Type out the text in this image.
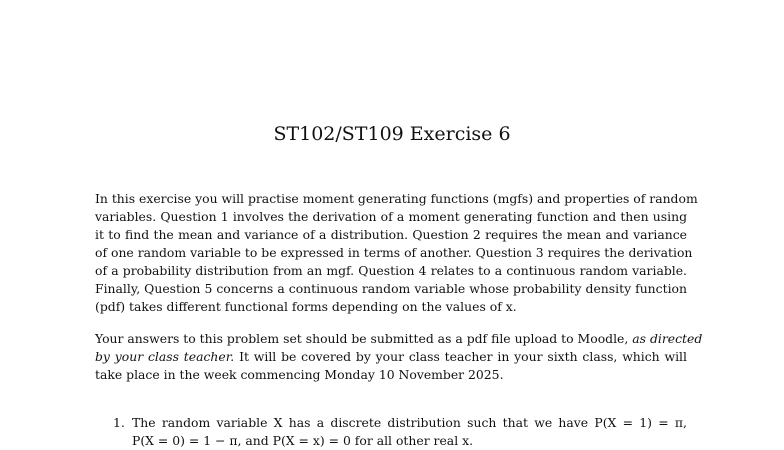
ST102/ST109 Exercise 6
In this exercise you will practise moment generating functions (mgfs) and properties of random
variables. Question 1 involves the derivation of a moment generating function and then using
it to find the mean and variance of a distribution. Question 2 requires the mean and variance
of one random variable to be expressed in terms of another. Question 3 requires the derivation
of a probability distribution from an mgf. Question 4 relates to a continuous random variable.
Finally, Question 5 concerns a continuous random variable whose probability density function
(pdf) takes different functional forms depending on the values of x.
Your answers to this problem set should be submitted as a pdf file upload to Moodle, as directed
by your class teacher. It will be covered by your class teacher in your sixth class, which will
take place in the week commencing Monday 10 November 2025.
1. The random variable X has a discrete distribution such that we have P(X = 1) = π,
P(X = 0) = 1 − π, and P(X = x) = 0 for all other real x.
